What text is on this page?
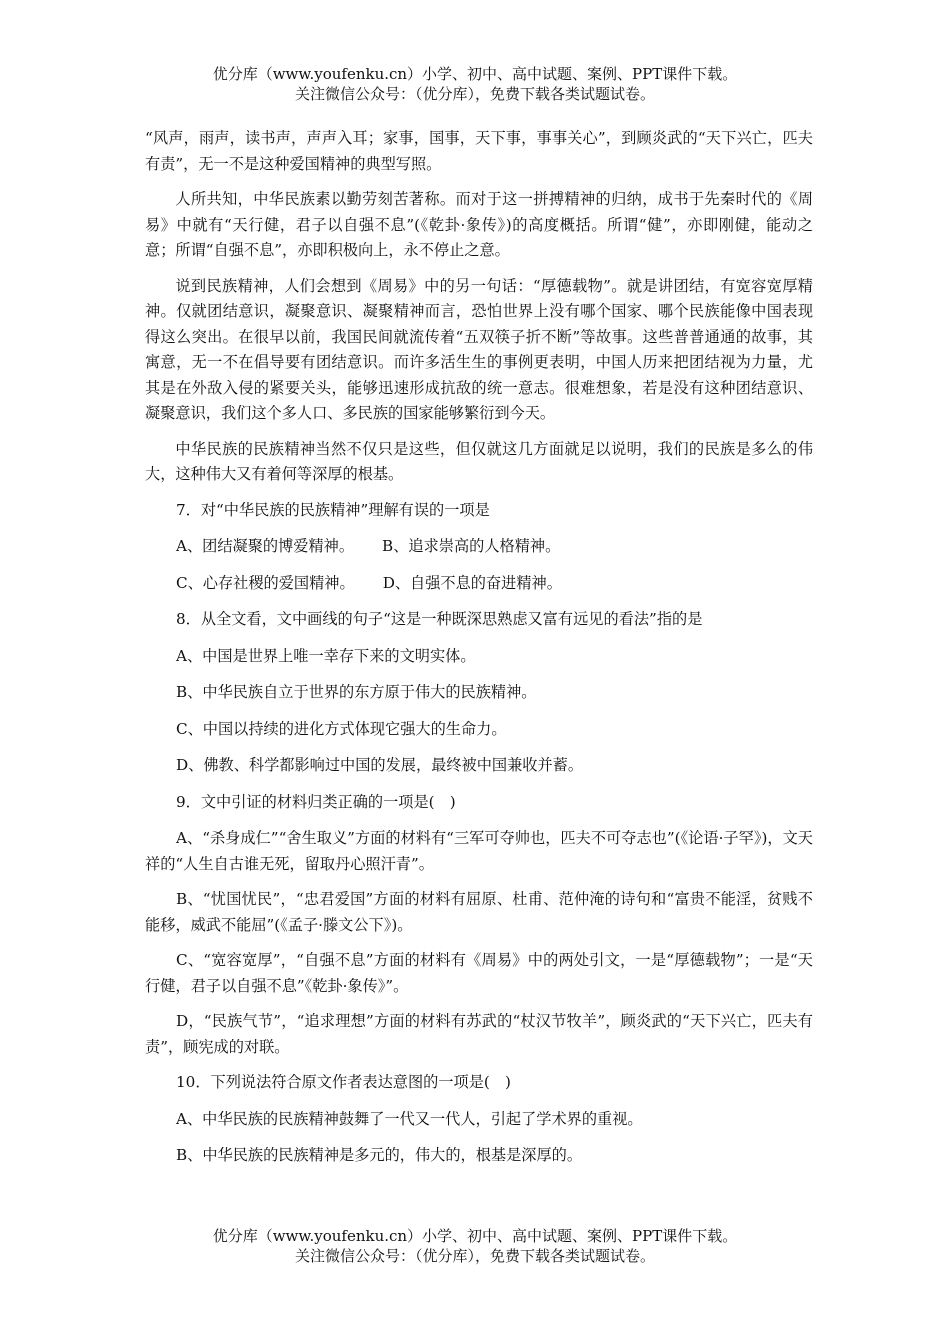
优分库（www.youfenku.cn）小学、初中、高中试题、案例、PPT课件下载。
关注微信公众号：（优分库），免费下载各类试题试卷。

“风声，雨声，读书声，声声入耳；家事，国事，天下事，事事关心”，到顾炎武的“天下兴亡，匹夫有责”，无一不是这种爱国精神的典型写照。

人所共知，中华民族素以勤劳刻苦著称。而对于这一拼搏精神的归纳，成书于先秦时代的《周易》中就有“天行健，君子以自强不息”(《乾卦·象传》)的高度概括。所谓“健”，亦即刚健，能动之意；所谓“自强不息”，亦即积极向上，永不停止之意。

说到民族精神，人们会想到《周易》中的另一句话：“厚德载物”。就是讲团结，有宽容宽厚精神。仅就团结意识，凝聚意识、凝聚精神而言，恐怕世界上没有哪个国家、哪个民族能像中国表现得这么突出。在很早以前，我国民间就流传着“五双筷子折不断”等故事。这些普普通通的故事，其寓意，无一不在倡导要有团结意识。而许多活生生的事例更表明，中国人历来把团结视为力量，尤其是在外敌入侵的紧要关头，能够迅速形成抗敌的统一意志。很难想象，若是没有这种团结意识、凝聚意识，我们这个多人口、多民族的国家能够繁衍到今天。

中华民族的民族精神当然不仅只是这些，但仅就这几方面就足以说明，我们的民族是多么的伟大，这种伟大又有着何等深厚的根基。

7．对“中华民族的民族精神”理解有误的一项是

A、团结凝聚的博爱精神。 B、追求崇高的人格精神。

C、心存社稷的爱国精神。 D、自强不息的奋进精神。

8．从全文看，文中画线的句子“这是一种既深思熟虑又富有远见的看法”指的是

A、中国是世界上唯一幸存下来的文明实体。

B、中华民族自立于世界的东方原于伟大的民族精神。

C、中国以持续的进化方式体现它强大的生命力。

D、佛教、科学都影响过中国的发展，最终被中国兼收并蓄。

9．文中引证的材料归类正确的一项是(　)

A、“杀身成仁”“舍生取义”方面的材料有“三军可夺帅也，匹夫不可夺志也”(《论语·子罕》)，文天祥的“人生自古谁无死，留取丹心照汗青”。

B、“忧国忧民”，“忠君爱国”方面的材料有屈原、杜甫、范仲淹的诗句和“富贵不能淫，贫贱不能移，威武不能屈”(《孟子·滕文公下》)。

C、“宽容宽厚”，“自强不息”方面的材料有《周易》中的两处引文，一是“厚德载物”；一是“天行健，君子以自强不息”《乾卦·象传》”。

D，“民族气节”，“追求理想”方面的材料有苏武的“杖汉节牧羊”，顾炎武的“天下兴亡，匹夫有责”，顾宪成的对联。

10．下列说法符合原文作者表达意图的一项是(　)

A、中华民族的民族精神鼓舞了一代又一代人，引起了学术界的重视。

B、中华民族的民族精神是多元的，伟大的，根基是深厚的。

优分库（www.youfenku.cn）小学、初中、高中试题、案例、PPT课件下载。
关注微信公众号：（优分库），免费下载各类试题试卷。
